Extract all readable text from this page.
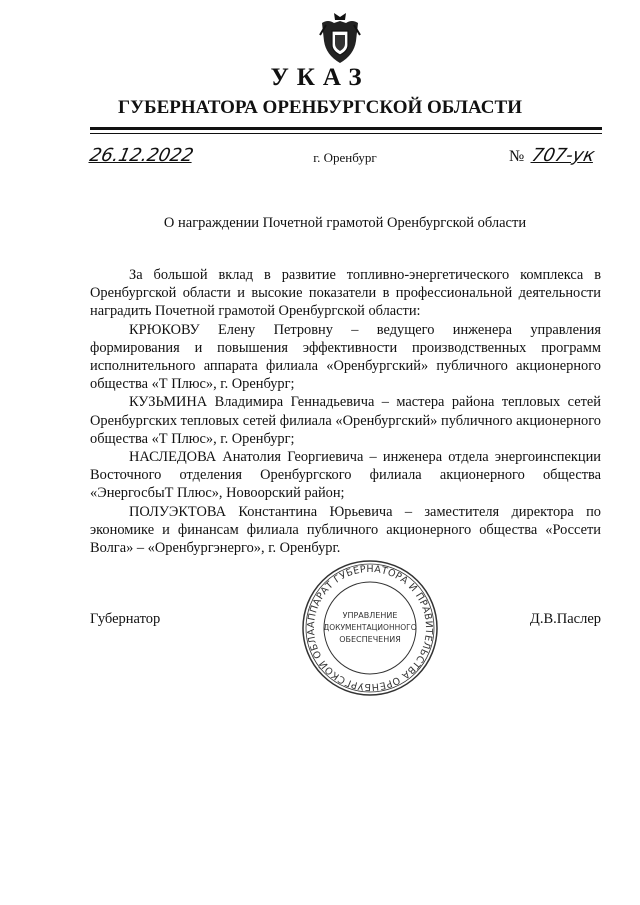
УКАЗ
ГУБЕРНАТОРА ОРЕНБУРГСКОЙ ОБЛАСТИ
26.12.2022	г. Оренбург	№ 707-ук
О награждении Почетной грамотой Оренбургской области

За большой вклад в развитие топливно-энергетического комплекса в Оренбургской области и высокие показатели в профессиональной деятельности наградить Почетной грамотой Оренбургской области:

КРЮКОВУ Елену Петровну – ведущего инженера управления формирования и повышения эффективности производственных программ исполнительного аппарата филиала «Оренбургский» публичного акционерного общества «Т Плюс», г. Оренбург;

КУЗЬМИНА Владимира Геннадьевича – мастера района тепловых сетей Оренбургских тепловых сетей филиала «Оренбургский» публичного акционерного общества «Т Плюс», г. Оренбург;

НАСЛЕДОВА Анатолия Георгиевича – инженера отдела энергоинспекции Восточного отделения Оренбургского филиала акционерного общества «ЭнергосбыТ Плюс», Новоорский район;

ПОЛУЭКТОВА Константина Юрьевича – заместителя директора по экономике и финансам филиала публичного акционерного общества «Россети Волга» – «Оренбургэнерго», г. Оренбург.

Губернатор	Д.В.Паслер
АППАРАТ ГУБЕРНАТОРА И ПРАВИТЕЛЬСТВА ОРЕНБУРГСКОЙ ОБЛА
УПРАВЛЕНИЕ
ДОКУМЕНТАЦИОННОГО
ОБЕСПЕЧЕНИЯ
